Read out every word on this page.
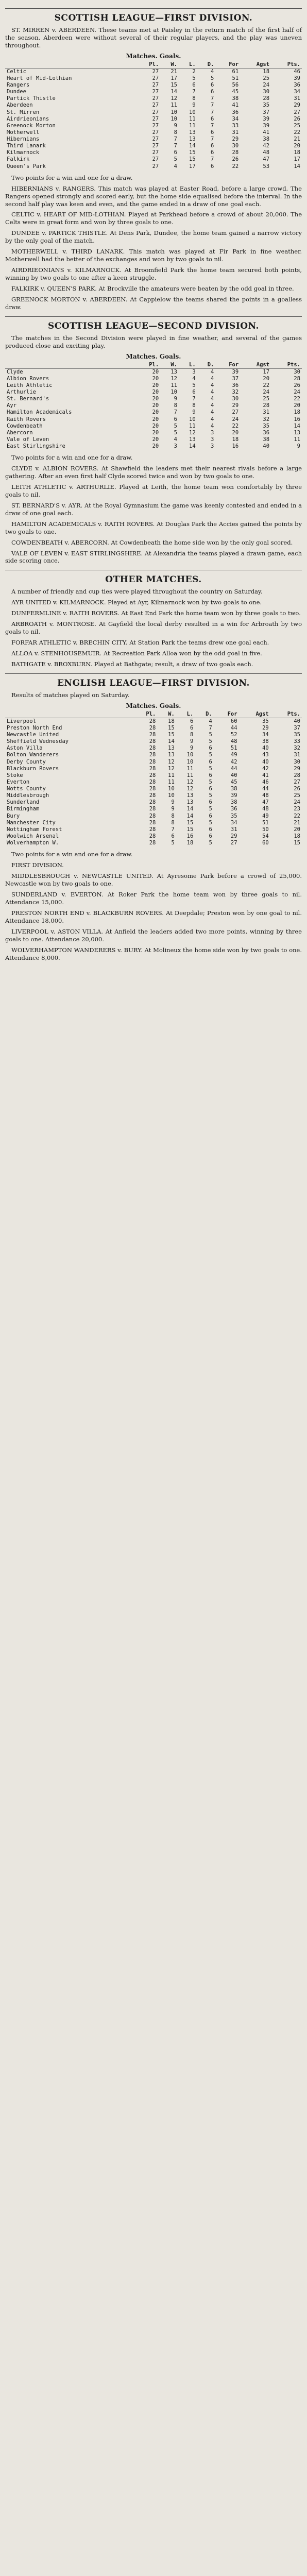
SCOTTISH LEAGUE—FIRST DIVISION.

ST. MIRREN v. ABERDEEN. These teams met at Paisley in the return match of the first half of the season. Aberdeen were without several of their regular players, and the play was uneven throughout.

Matches. Goals.
	Pl.	W.	L.	D.	For	Agst	Pts.
Celtic	27	21	2	4	61	18	46
Heart of Mid-Lothian	27	17	5	5	51	25	39
Rangers	27	15	6	6	56	24	36
Dundee	27	14	7	6	45	30	34
Partick Thistle	27	12	8	7	38	28	31
Aberdeen	27	11	9	7	41	35	29
St. Mirren	27	10	10	7	36	37	27
Airdrieonians	27	10	11	6	34	39	26
Greenock Morton	27	9	11	7	33	39	25
Motherwell	27	8	13	6	31	41	22
Hibernians	27	7	13	7	29	38	21
Third Lanark	27	7	14	6	30	42	20
Kilmarnock	27	6	15	6	28	48	18
Falkirk	27	5	15	7	26	47	17
Queen's Park	27	4	17	6	22	53	14

Two points for a win and one for a draw.

HIBERNIANS v. RANGERS. This match was played at Easter Road, before a large crowd. The Rangers opened strongly and scored early, but the home side equalised before the interval. In the second half play was keen and even, and the game ended in a draw of one goal each.

CELTIC v. HEART OF MID-LOTHIAN. Played at Parkhead before a crowd of about 20,000. The Celts were in great form and won by three goals to one.

DUNDEE v. PARTICK THISTLE. At Dens Park, Dundee, the home team gained a narrow victory by the only goal of the match.

MOTHERWELL v. THIRD LANARK. This match was played at Fir Park in fine weather. Motherwell had the better of the exchanges and won by two goals to nil.

AIRDRIEONIANS v. KILMARNOCK. At Broomfield Park the home team secured both points, winning by two goals to one after a keen struggle.

FALKIRK v. QUEEN'S PARK. At Brockville the amateurs were beaten by the odd goal in three.

GREENOCK MORTON v. ABERDEEN. At Cappielow the teams shared the points in a goalless draw.

SCOTTISH LEAGUE—SECOND DIVISION.

The matches in the Second Division were played in fine weather, and several of the games produced close and exciting play.

Matches. Goals.
	Pl.	W.	L.	D.	For	Agst	Pts.
Clyde	20	13	3	4	39	17	30
Albion Rovers	20	12	4	4	37	20	28
Leith Athletic	20	11	5	4	36	22	26
Arthurlie	20	10	6	4	32	24	24
St. Bernard's	20	9	7	4	30	25	22
Ayr	20	8	8	4	29	28	20
Hamilton Academicals	20	7	9	4	27	31	18
Raith Rovers	20	6	10	4	24	32	16
Cowdenbeath	20	5	11	4	22	35	14
Abercorn	20	5	12	3	20	36	13
Vale of Leven	20	4	13	3	18	38	11
East Stirlingshire	20	3	14	3	16	40	9

Two points for a win and one for a draw.

CLYDE v. ALBION ROVERS. At Shawfield the leaders met their nearest rivals before a large gathering. After an even first half Clyde scored twice and won by two goals to one.

LEITH ATHLETIC v. ARTHURLIE. Played at Leith, the home team won comfortably by three goals to nil.

ST. BERNARD'S v. AYR. At the Royal Gymnasium the game was keenly contested and ended in a draw of one goal each.

HAMILTON ACADEMICALS v. RAITH ROVERS. At Douglas Park the Accies gained the points by two goals to one.

COWDENBEATH v. ABERCORN. At Cowdenbeath the home side won by the only goal scored.

VALE OF LEVEN v. EAST STIRLINGSHIRE. At Alexandria the teams played a drawn game, each side scoring once.

OTHER MATCHES.

A number of friendly and cup ties were played throughout the country on Saturday.

AYR UNITED v. KILMARNOCK. Played at Ayr, Kilmarnock won by two goals to one.

DUNFERMLINE v. RAITH ROVERS. At East End Park the home team won by three goals to two.

ARBROATH v. MONTROSE. At Gayfield the local derby resulted in a win for Arbroath by two goals to nil.

FORFAR ATHLETIC v. BRECHIN CITY. At Station Park the teams drew one goal each.

ALLOA v. STENHOUSEMUIR. At Recreation Park Alloa won by the odd goal in five.

BATHGATE v. BROXBURN. Played at Bathgate; result, a draw of two goals each.

ENGLISH LEAGUE—FIRST DIVISION.

Results of matches played on Saturday.

Matches. Goals.
	Pl.	W.	L.	D.	For	Agst	Pts.
Liverpool	28	18	6	4	60	35	40
Preston North End	28	15	6	7	44	29	37
Newcastle United	28	15	8	5	52	34	35
Sheffield Wednesday	28	14	9	5	48	38	33
Aston Villa	28	13	9	6	51	40	32
Bolton Wanderers	28	13	10	5	49	43	31
Derby County	28	12	10	6	42	40	30
Blackburn Rovers	28	12	11	5	44	42	29
Stoke	28	11	11	6	40	41	28
Everton	28	11	12	5	45	46	27
Notts County	28	10	12	6	38	44	26
Middlesbrough	28	10	13	5	39	48	25
Sunderland	28	9	13	6	38	47	24
Birmingham	28	9	14	5	36	48	23
Bury	28	8	14	6	35	49	22
Manchester City	28	8	15	5	34	51	21
Nottingham Forest	28	7	15	6	31	50	20
Woolwich Arsenal	28	6	16	6	29	54	18
Wolverhampton W.	28	5	18	5	27	60	15

Two points for a win and one for a draw.

FIRST DIVISION.

MIDDLESBROUGH v. NEWCASTLE UNITED. At Ayresome Park before a crowd of 25,000. Newcastle won by two goals to one.

SUNDERLAND v. EVERTON. At Roker Park the home team won by three goals to nil. Attendance 15,000.

PRESTON NORTH END v. BLACKBURN ROVERS. At Deepdale; Preston won by one goal to nil. Attendance 18,000.

LIVERPOOL v. ASTON VILLA. At Anfield the leaders added two more points, winning by three goals to one. Attendance 20,000.

WOLVERHAMPTON WANDERERS v. BURY. At Molineux the home side won by two goals to one. Attendance 8,000.
